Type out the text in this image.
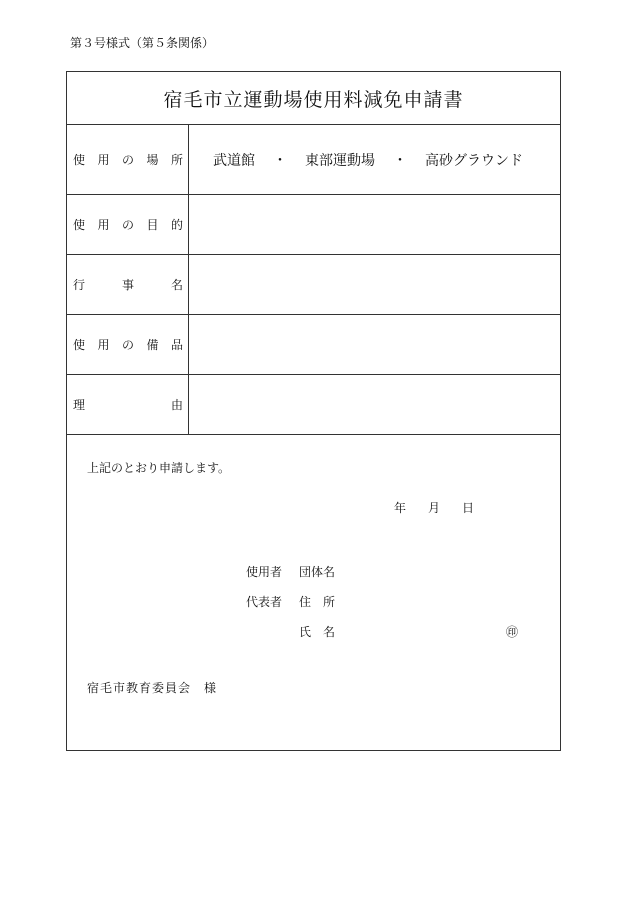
第３号様式（第５条関係）
宿毛市立運動場使用料減免申請書
使 用 の 場 所	武道館 ・ 東部運動場 ・ 高砂グラウンド
使 用 の 目 的
行	事	名
使 用 の 備 品
理	由
上記のとおり申請します。
年 月 日
使用者 団体名
代表者 住　所
氏　名	㊞
宿毛市教育委員会　様
